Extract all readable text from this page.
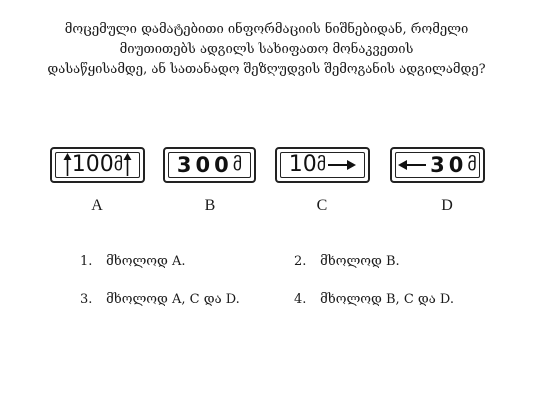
მოცემული დამატებითი ინფორმაციის ნიშნებიდან, რომელი
მიუთითებს ადგილს სახიფათო მონაკვეთის
დასაწყისამდე, ან სათანადო შეზღუდვის შემოგანის ადგილამდე?
100 მ	300 მ 10 მ	30 მ
A	B	C	D
1. მხოლოდ A.	2. მხოლოდ B.
3. მხოლოდ A, C და D.	4. მხოლოდ B, C და D.
